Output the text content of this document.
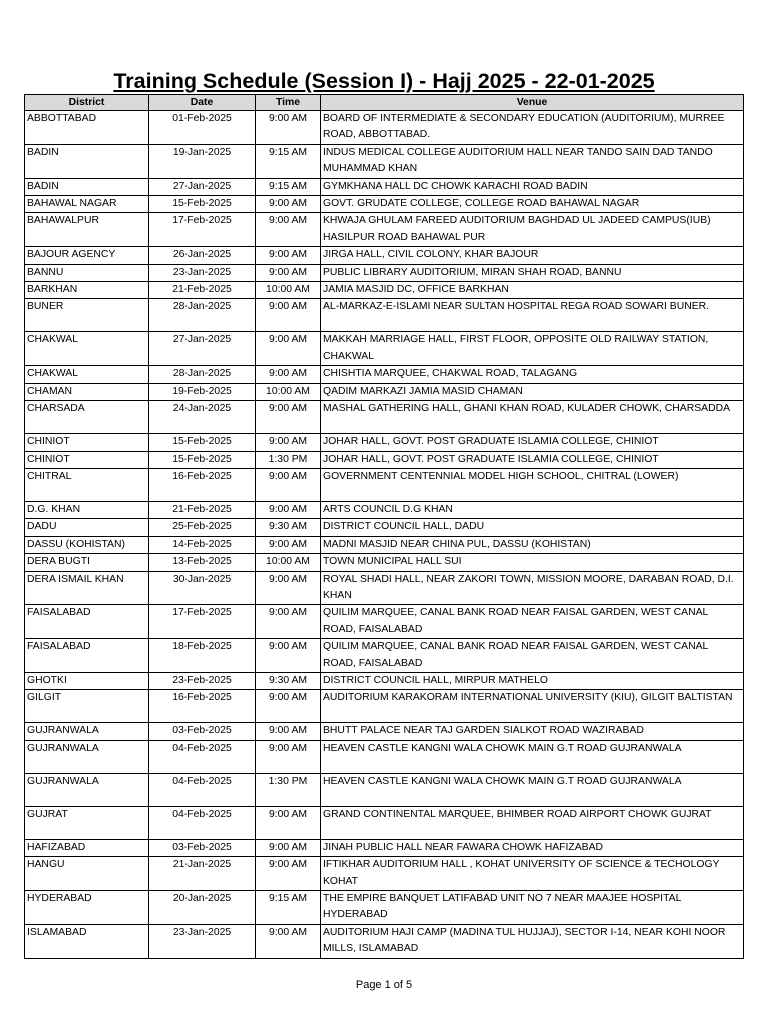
Training Schedule (Session I) - Hajj 2025 - 22-01-2025
District	Date	Time	Venue
ABBOTTABAD	01-Feb-2025	9:00 AM	BOARD OF INTERMEDIATE & SECONDARY EDUCATION (AUDITORIUM), MURREE ROAD, ABBOTTABAD.
BADIN	19-Jan-2025	9:15 AM	INDUS MEDICAL COLLEGE AUDITORIUM HALL NEAR TANDO SAIN DAD TANDO MUHAMMAD KHAN
BADIN	27-Jan-2025	9:15 AM	GYMKHANA HALL DC CHOWK KARACHI ROAD BADIN
BAHAWAL NAGAR	15-Feb-2025	9:00 AM	GOVT. GRUDATE COLLEGE, COLLEGE ROAD BAHAWAL NAGAR
BAHAWALPUR	17-Feb-2025	9:00 AM	KHWAJA GHULAM FAREED AUDITORIUM BAGHDAD UL JADEED CAMPUS(IUB) HASILPUR ROAD BAHAWAL PUR
BAJOUR AGENCY	26-Jan-2025	9:00 AM	JIRGA HALL, CIVIL COLONY, KHAR BAJOUR
BANNU	23-Jan-2025	9:00 AM	PUBLIC LIBRARY AUDITORIUM, MIRAN SHAH ROAD, BANNU
BARKHAN	21-Feb-2025	10:00 AM	JAMIA MASJID DC, OFFICE BARKHAN
BUNER	28-Jan-2025	9:00 AM	AL-MARKAZ-E-ISLAMI NEAR SULTAN HOSPITAL REGA ROAD SOWARI BUNER.
CHAKWAL	27-Jan-2025	9:00 AM	MAKKAH MARRIAGE HALL, FIRST FLOOR, OPPOSITE OLD RAILWAY STATION, CHAKWAL
CHAKWAL	28-Jan-2025	9:00 AM	CHISHTIA MARQUEE, CHAKWAL ROAD, TALAGANG
CHAMAN	19-Feb-2025	10:00 AM	QADIM MARKAZI JAMIA MASID CHAMAN
CHARSADA	24-Jan-2025	9:00 AM	MASHAL GATHERING HALL, GHANI KHAN ROAD, KULADER CHOWK, CHARSADDA
CHINIOT	15-Feb-2025	9:00 AM	JOHAR HALL, GOVT. POST GRADUATE ISLAMIA COLLEGE, CHINIOT
CHINIOT	15-Feb-2025	1:30 PM	JOHAR HALL, GOVT. POST GRADUATE ISLAMIA COLLEGE, CHINIOT
CHITRAL	16-Feb-2025	9:00 AM	GOVERNMENT CENTENNIAL MODEL HIGH SCHOOL, CHITRAL (LOWER)
D.G. KHAN	21-Feb-2025	9:00 AM	ARTS COUNCIL D.G KHAN
DADU	25-Feb-2025	9:30 AM	DISTRICT COUNCIL HALL, DADU
DASSU (KOHISTAN)	14-Feb-2025	9:00 AM	MADNI MASJID NEAR CHINA PUL, DASSU (KOHISTAN)
DERA BUGTI	13-Feb-2025	10:00 AM	TOWN MUNICIPAL HALL SUI
DERA ISMAIL KHAN	30-Jan-2025	9:00 AM	ROYAL SHADI HALL, NEAR ZAKORI TOWN, MISSION MOORE, DARABAN ROAD, D.I. KHAN
FAISALABAD	17-Feb-2025	9:00 AM	QUILIM MARQUEE, CANAL BANK ROAD NEAR FAISAL GARDEN, WEST CANAL ROAD, FAISALABAD
FAISALABAD	18-Feb-2025	9:00 AM	QUILIM MARQUEE, CANAL BANK ROAD NEAR FAISAL GARDEN, WEST CANAL ROAD, FAISALABAD
GHOTKI	23-Feb-2025	9:30 AM	DISTRICT COUNCIL HALL, MIRPUR MATHELO
GILGIT	16-Feb-2025	9:00 AM	AUDITORIUM KARAKORAM INTERNATIONAL UNIVERSITY (KIU), GILGIT BALTISTAN
GUJRANWALA	03-Feb-2025	9:00 AM	BHUTT PALACE NEAR TAJ GARDEN SIALKOT ROAD WAZIRABAD
GUJRANWALA	04-Feb-2025	9:00 AM	HEAVEN CASTLE KANGNI WALA CHOWK MAIN G.T ROAD GUJRANWALA
GUJRANWALA	04-Feb-2025	1:30 PM	HEAVEN CASTLE KANGNI WALA CHOWK MAIN G.T ROAD GUJRANWALA
GUJRAT	04-Feb-2025	9:00 AM	GRAND CONTINENTAL MARQUEE, BHIMBER ROAD AIRPORT CHOWK GUJRAT
HAFIZABAD	03-Feb-2025	9:00 AM	JINAH PUBLIC HALL NEAR FAWARA CHOWK HAFIZABAD
HANGU	21-Jan-2025	9:00 AM	IFTIKHAR AUDITORIUM HALL , KOHAT UNIVERSITY OF SCIENCE & TECHOLOGY KOHAT
HYDERABAD	20-Jan-2025	9:15 AM	THE EMPIRE BANQUET LATIFABAD UNIT NO 7 NEAR MAAJEE HOSPITAL HYDERABAD
ISLAMABAD	23-Jan-2025	9:00 AM	AUDITORIUM HAJI CAMP (MADINA TUL HUJJAJ), SECTOR I-14, NEAR KOHI NOOR MILLS, ISLAMABAD
Page 1 of 5
